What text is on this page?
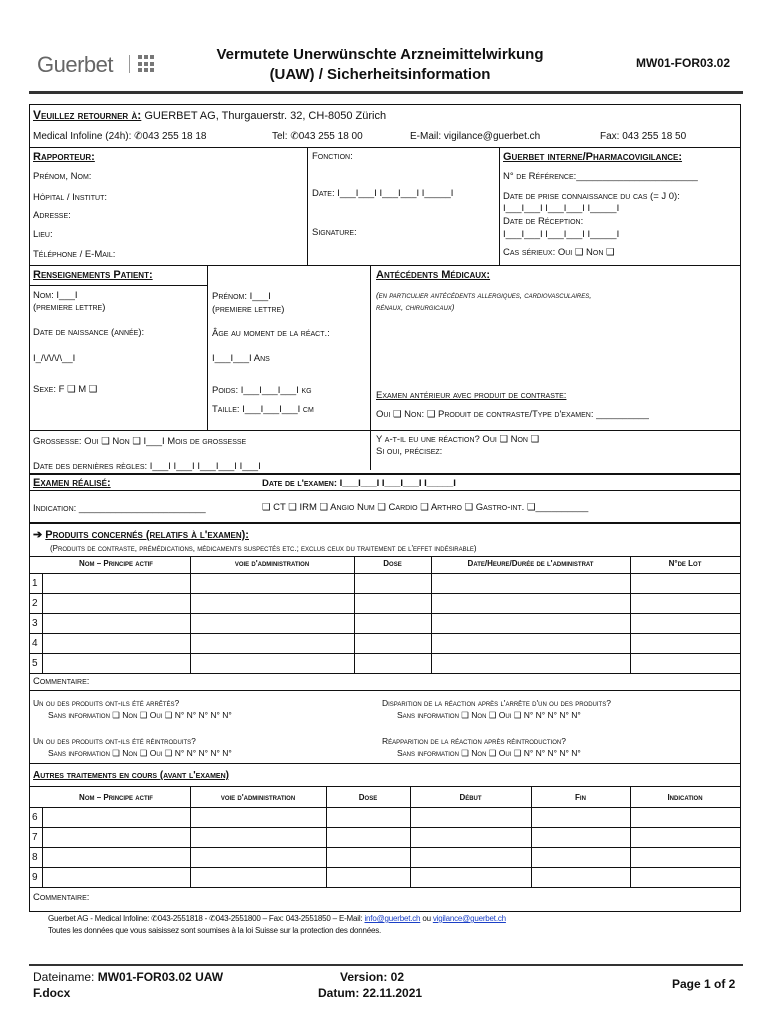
Guerbet	Vermutete Unerwünschte Arzneimittelwirkung
(UAW) / Sicherheitsinformation
MW01-FOR03.02
Veuillez retourner à: GUERBET AG, Thurgauerstr. 32, CH-8050 Zürich
Medical Infoline (24h): ✆043 255 18 18	Tel: ✆043 255 18 00	E-Mail: vigilance@guerbet.ch	Fax: 043 255 18 50
Rapporteur:
Prénom, Nom:
Hôpital / Institut:
Adresse:
Lieu:
Téléphone / E-Mail:
Fonction:
Date: I___I___I I___I___I I_____I
Signature:
Guerbet interne/Pharmacovigilance:
N° de Référence:_______________________
Date de prise connaissance du cas (= J 0):
I___I___I I___I___I I_____I
Date de Réception:
I___I___I I___I___I I_____I
Cas sérieux: Oui ❑ Non ❑
Renseignements Patient:
Nom: I___I
(premiere lettre)
Prénom: I___I
(premiere lettre)
Date de naissance (année):
I_/\/\/\/\__I
Âge au moment de la réact.:
I___I___I Ans
Sexe: F ❑ M ❑	Poids: I___I___I___I kg
Taille: I___I___I___I cm
Grossesse: Oui ❑ Non ❑ I___I Mois de grossesse
Date des dernières règles: I___I I___I I___I___I I___I
Antécédents Médicaux:
(en particulier antécédents allergiques, cardiovasculaires,
rénaux, chirurgicaux)
Examen antérieur avec produit de contraste:
Oui ❑ Non: ❑ Produit de contraste/Type d'examen: __________
Y a-t-il eu une réaction? Oui ❑ Non ❑
Si oui, précisez:
Examen réalisé:	Date de l'examen: I___I___I I___I___I I_____I
Indication: ________________________	❑ CT ❑ IRM ❑ Angio Num ❑ Cardio ❑ Arthro ❑ Gastro-int. ❑__________
➔ Produits concernés (relatifs à l'examen):
(Produits de contraste, prémédications, médicaments suspectés etc.; exclus ceux du traitement de l'effet indésirable)
Nom – Principe actif	voie d'administration	Dose	Date/Heure/Durée de l'administrat	N°de Lot
1
2
3
4
5
Commentaire:
Un ou des produits ont-ils été arrêtés?
Sans information ❑ Non ❑ Oui ❑ N° N° N° N° N°
Disparition de la réaction après l'arrête d'un ou des produits?
Sans information ❑ Non ❑ Oui ❑ N° N° N° N° N°
Un ou des produits ont-ils été réintroduits?
Sans information ❑ Non ❑ Oui ❑ N° N° N° N° N°
Réapparition de la réaction après réintroduction?
Sans information ❑ Non ❑ Oui ❑ N° N° N° N° N°
Autres traitements en cours (avant l'examen)
Nom – Principe actif	voie d'administration	Dose	Début	Fin	Indication
6
7
8
9
Commentaire:
Guerbet AG - Medical Infoline: ✆043-2551818 - ✆043-2551800 – Fax: 043-2551850 – E-Mail: info@guerbet.ch ou vigilance@guerbet.ch
Toutes les données que vous saisissez sont soumises à la loi Suisse sur la protection des données.
Dateiname: MW01-FOR03.02 UAW
F.docx
Version: 02
Datum: 22.11.2021
Page 1 of 2
